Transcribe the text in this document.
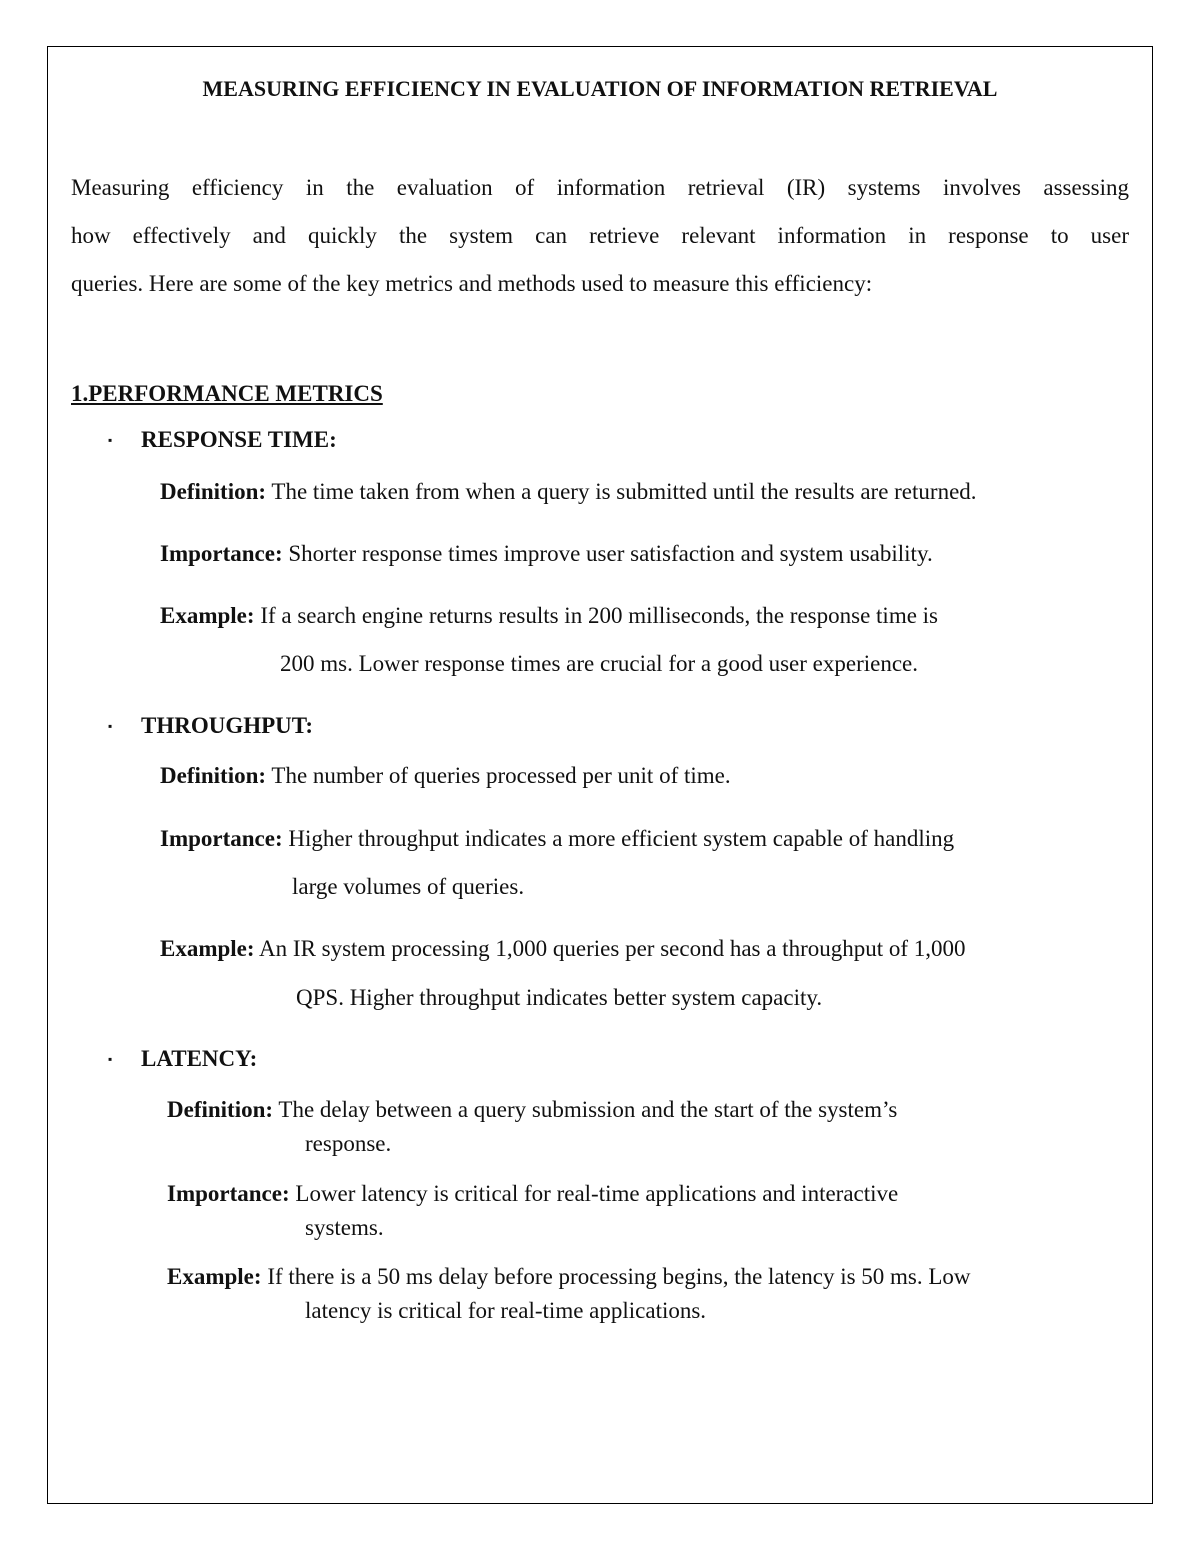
MEASURING EFFICIENCY IN EVALUATION OF INFORMATION RETRIEVAL
Measuring efficiency in the evaluation of information retrieval (IR) systems involves assessing
how effectively and quickly the system can retrieve relevant information in response to user
queries. Here are some of the key metrics and methods used to measure this efficiency:
1.PERFORMANCE METRICS
▪ RESPONSE TIME:
Definition: The time taken from when a query is submitted until the results are returned.
Importance: Shorter response times improve user satisfaction and system usability.
Example: If a search engine returns results in 200 milliseconds, the response time is
200 ms. Lower response times are crucial for a good user experience.
▪ THROUGHPUT:
Definition: The number of queries processed per unit of time.
Importance: Higher throughput indicates a more efficient system capable of handling
large volumes of queries.
Example: An IR system processing 1,000 queries per second has a throughput of 1,000
QPS. Higher throughput indicates better system capacity.
▪ LATENCY:
Definition: The delay between a query submission and the start of the system’s
response.
Importance: Lower latency is critical for real-time applications and interactive
systems.
Example: If there is a 50 ms delay before processing begins, the latency is 50 ms. Low
latency is critical for real-time applications.
